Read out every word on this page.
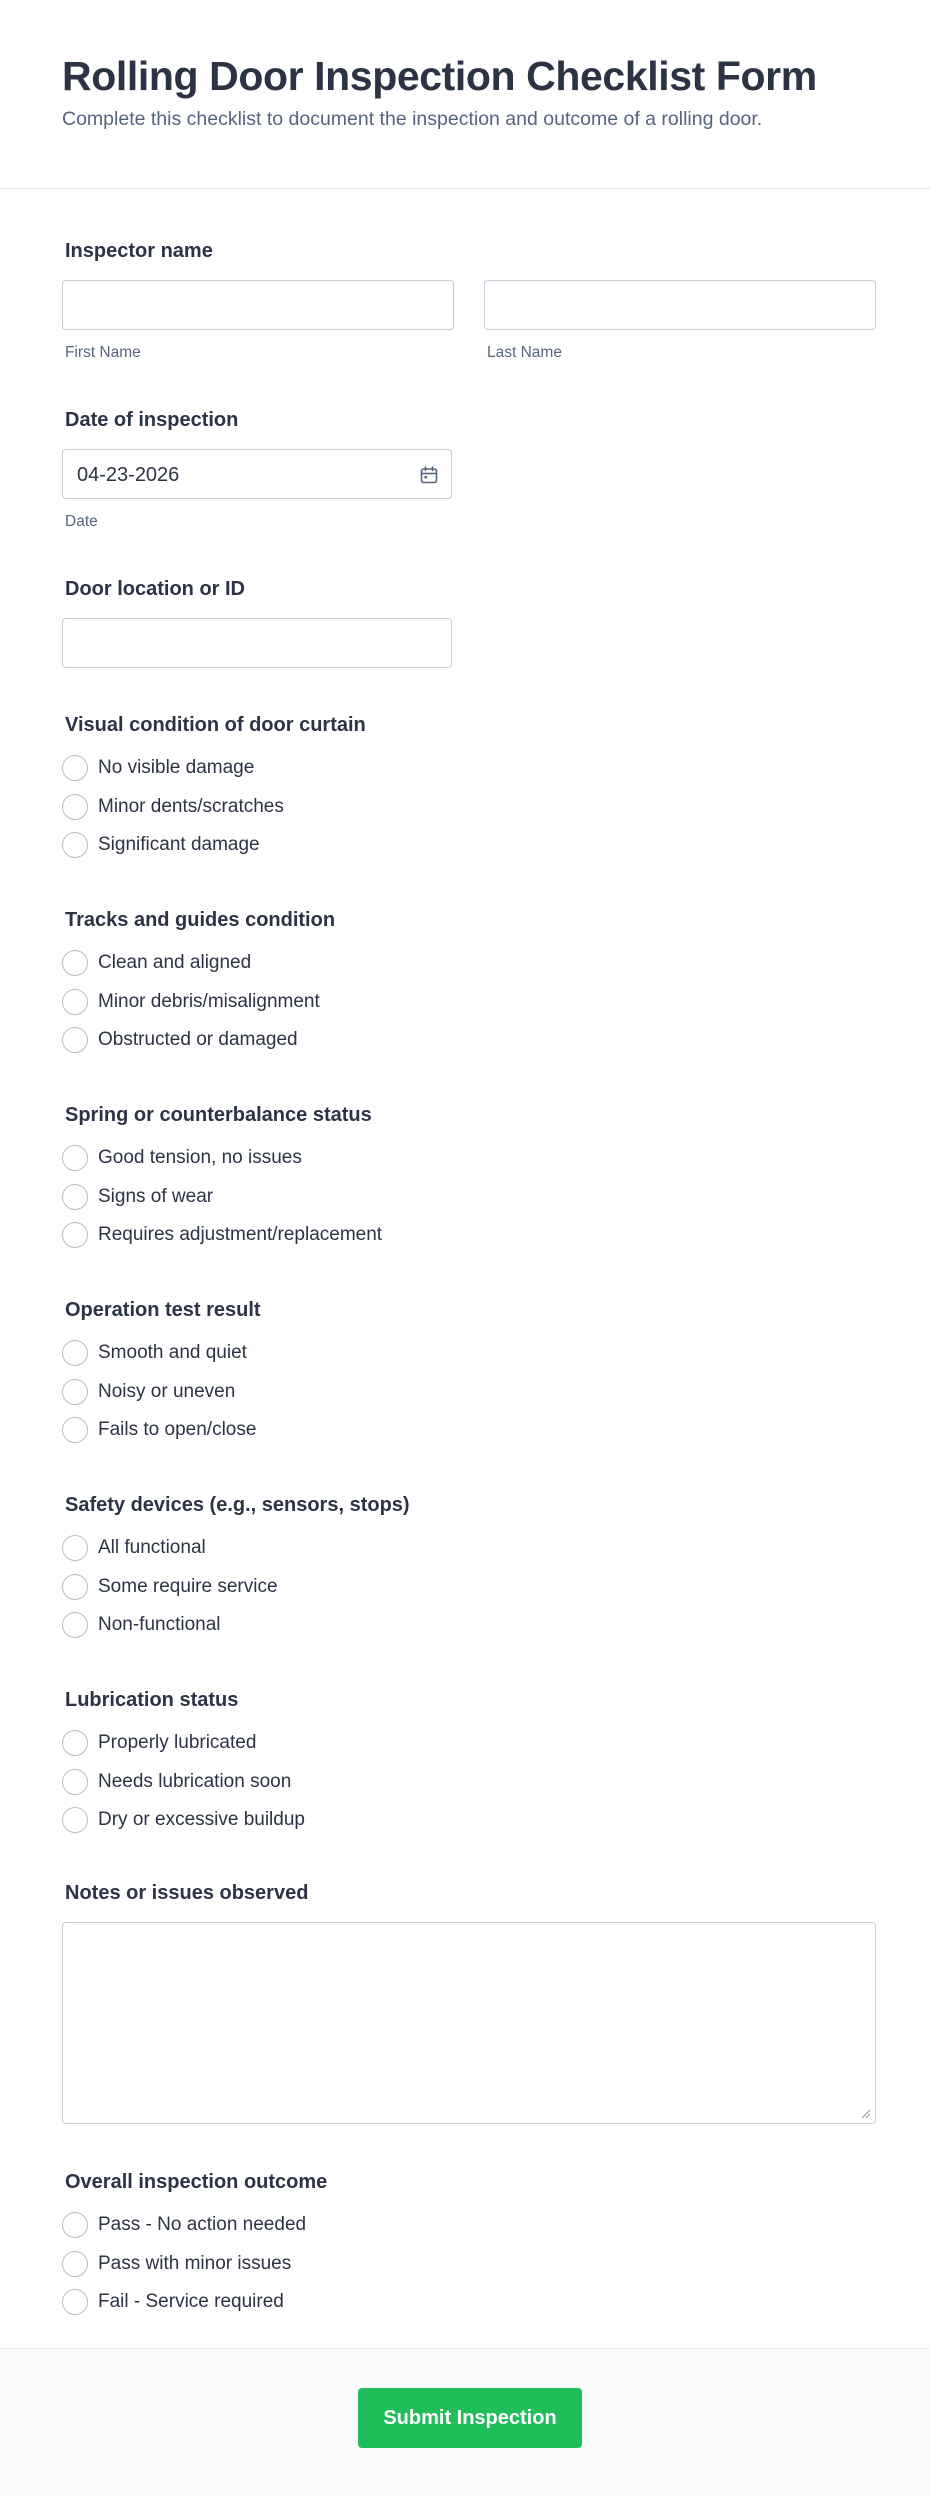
Rolling Door Inspection Checklist Form

Complete this checklist to document the inspection and outcome of a rolling door.

Inspector name
First Name	Last Name
Date of inspection
04-23-2026
Date
Door location or ID
Visual condition of door curtain
No visible damage
Minor dents/scratches
Significant damage
Tracks and guides condition
Clean and aligned
Minor debris/misalignment
Obstructed or damaged
Spring or counterbalance status
Good tension, no issues
Signs of wear
Requires adjustment/replacement
Operation test result
Smooth and quiet
Noisy or uneven
Fails to open/close
Safety devices (e.g., sensors, stops)
All functional
Some require service
Non-functional
Lubrication status
Properly lubricated
Needs lubrication soon
Dry or excessive buildup
Notes or issues observed
Overall inspection outcome
Pass - No action needed
Pass with minor issues
Fail - Service required
Submit Inspection
